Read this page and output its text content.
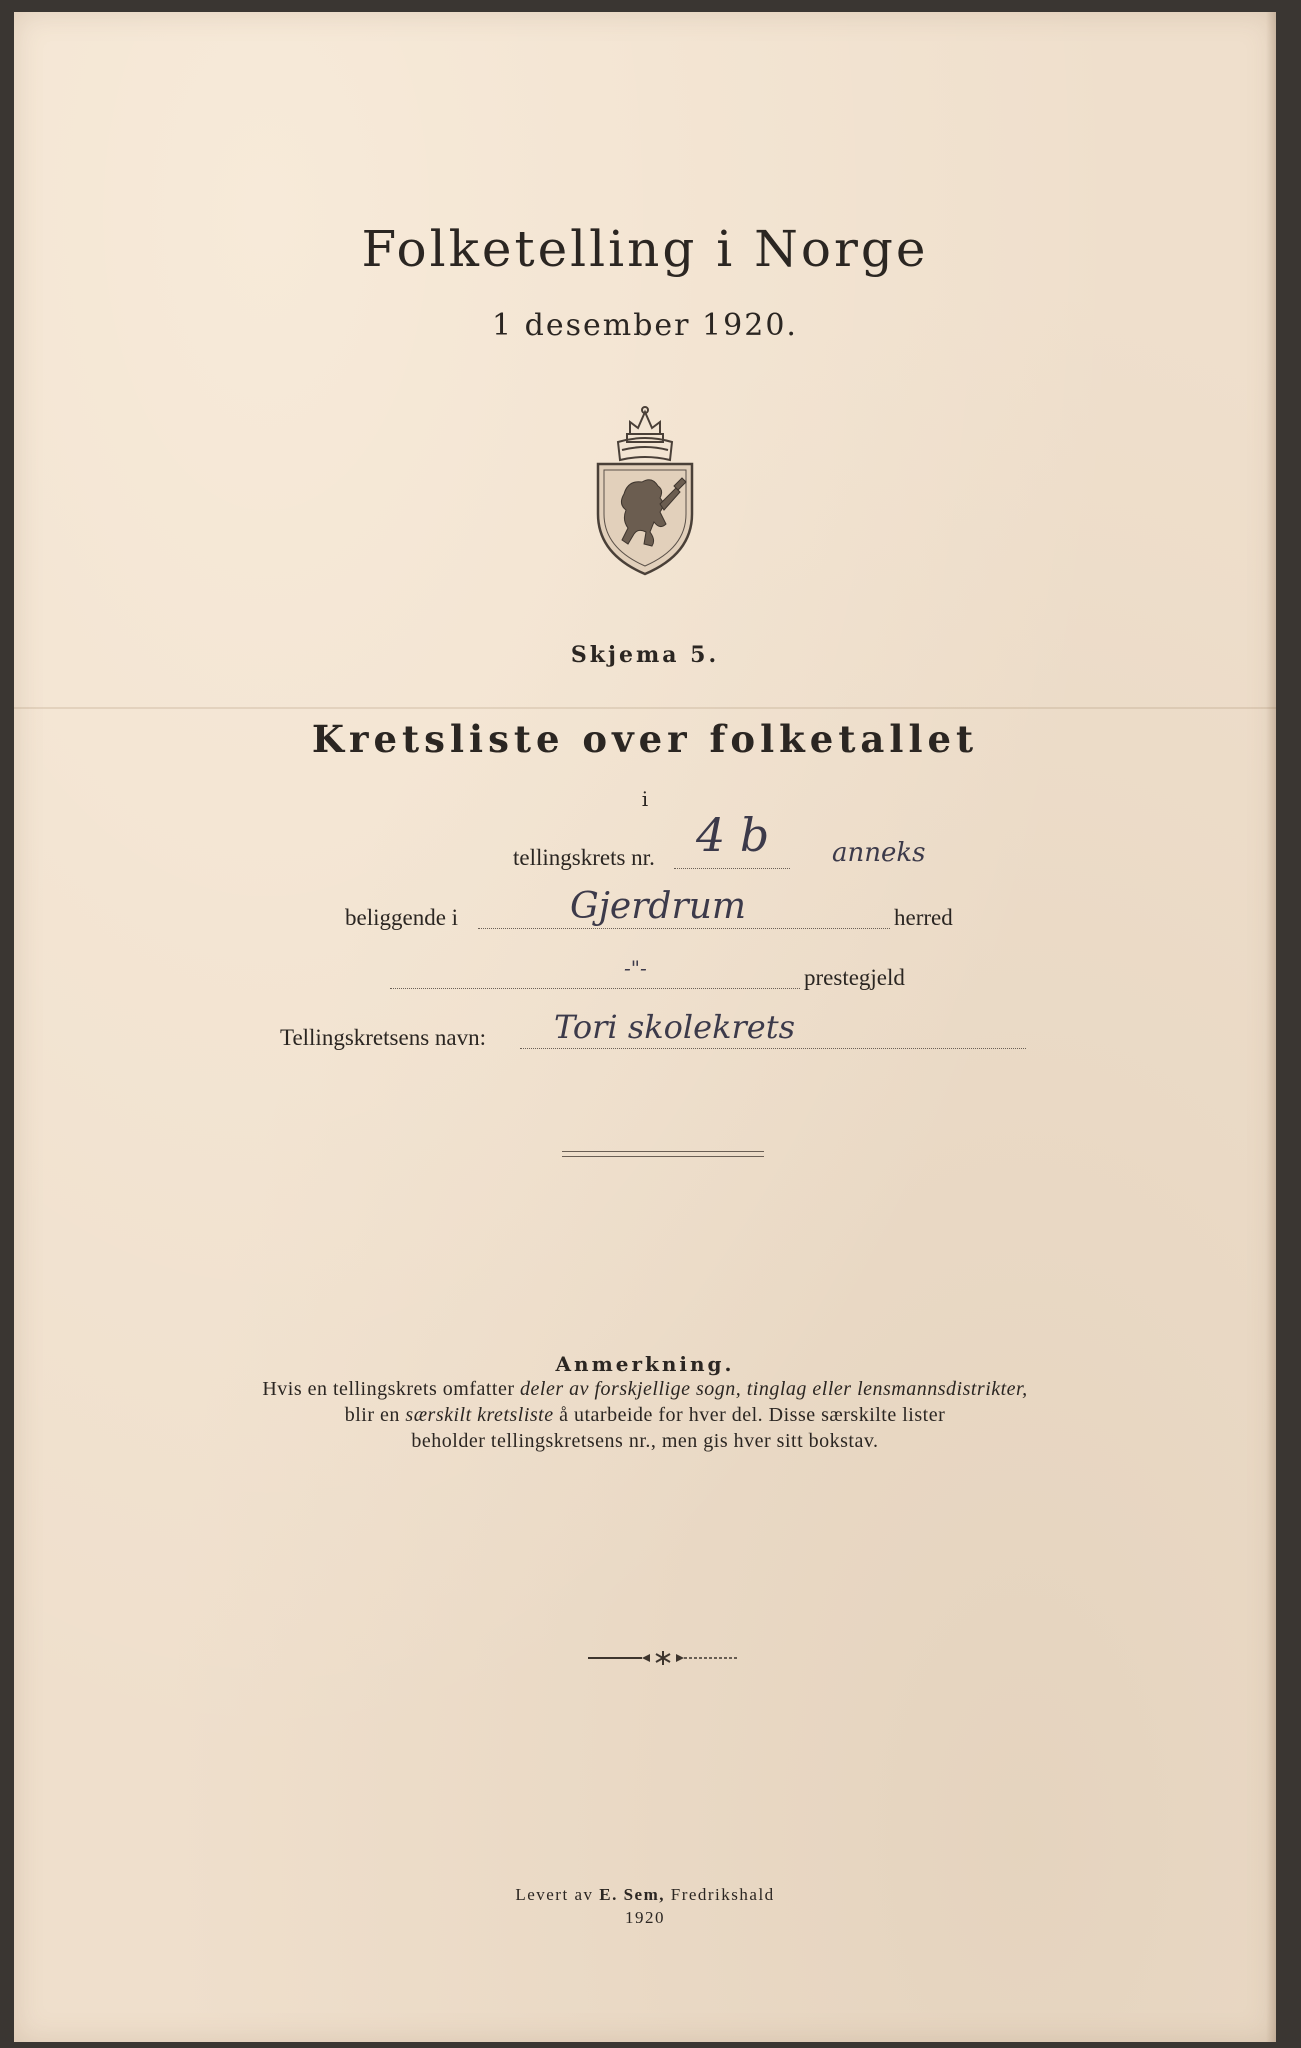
Folketelling i Norge
1 desember 1920.
Skjema 5.
Kretsliste over folketallet
i
tellingskrets nr. 4 b anneks
beliggende i	Gjerdrum	herred
-"-	prestegjeld
Tellingskretsens navn: Tori skolekrets
Anmerkning.
Hvis en tellingskrets omfatter deler av forskjellige sogn, tinglag eller lensmannsdistrikter,
blir en særskilt kretsliste å utarbeide for hver del. Disse særskilte lister
beholder tellingskretsens nr., men gis hver sitt bokstav.
Levert av E. Sem, Fredrikshald
1920
